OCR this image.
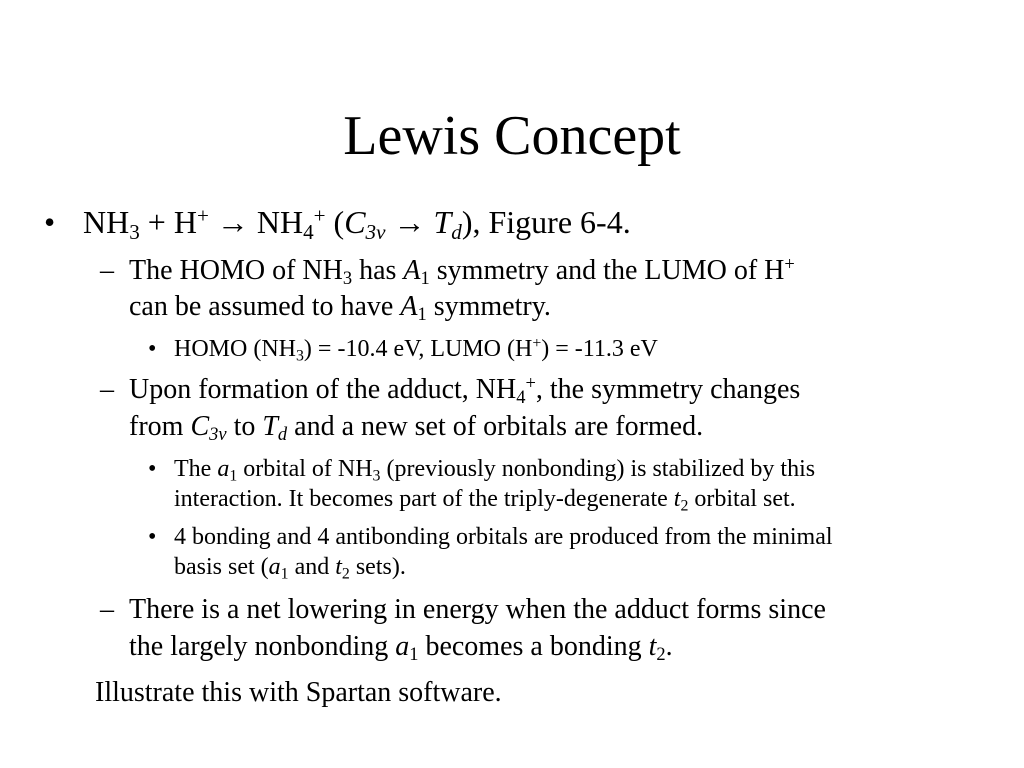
Lewis Concept
• $NH_3 + H^+ \to NH_4^+$ $(C_{3v} \to T_d)$, Figure 6-4.
– The HOMO of $NH_3$ has $A_1$ symmetry and the LUMO of H+
can be assumed to have $A_1$ symmetry.
• HOMO $(NH_3) = -10.4$ eV, LUMO (H+) = -11.3 eV
– Upon formation of the adduct, $NH_4^+$, the symmetry changes
from $C_{3v}$ to $T_d$ and a new set of orbitals are formed.
• The $a_1$ orbital of $NH_3$ (previously nonbonding) is stabilized by this
interaction. It becomes part of the triply-degenerate $t_2$ orbital set.
• 4 bonding and 4 antibonding orbitals are produced from the minimal
basis set ($a_1$ and $t_2$ sets).
– There is a net lowering in energy when the adduct forms since
the largely nonbonding $a_1$ becomes a bonding $t_2$.
Illustrate this with Spartan software.
